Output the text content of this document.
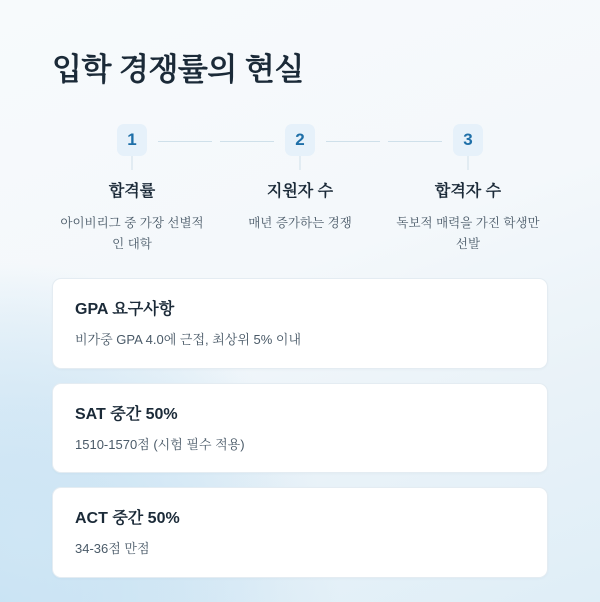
입학 경쟁률의 현실
1
합격률
아이비리그 중 가장 선별적인 대학
2
지원자 수
매년 증가하는 경쟁
3
합격자 수
독보적 매력을 가진 학생만 선발
GPA 요구사항
비가중 GPA 4.0에 근접, 최상위 5% 이내
SAT 중간 50%
1510-1570점 (시험 필수 적용)
ACT 중간 50%
34-36점 만점
